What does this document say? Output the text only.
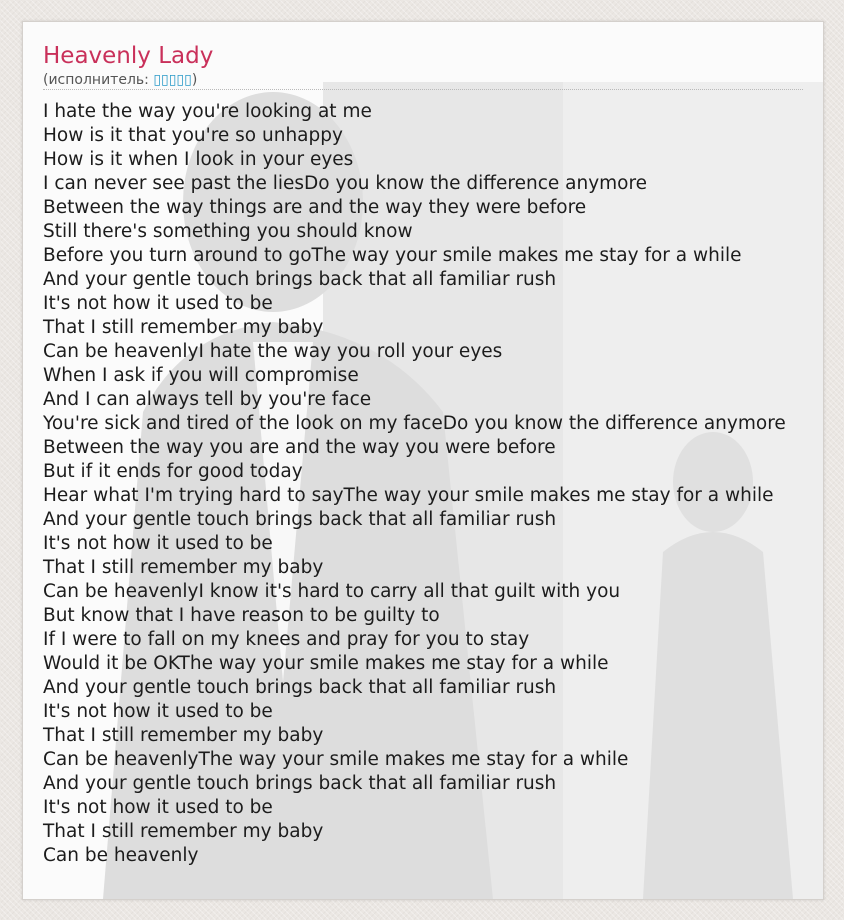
Heavenly Lady
(исполнитель: ▯▯▯▯▯)
I hate the way you're looking at me
How is it that you're so unhappy
How is it when I look in your eyes
I can never see past the liesDo you know the difference anymore
Between the way things are and the way they were before
Still there's something you should know
Before you turn around to goThe way your smile makes me stay for a while
And your gentle touch brings back that all familiar rush
It's not how it used to be
That I still remember my baby
Can be heavenlyI hate the way you roll your eyes
When I ask if you will compromise
And I can always tell by you're face
You're sick and tired of the look on my faceDo you know the difference anymore
Between the way you are and the way you were before
But if it ends for good today
Hear what I'm trying hard to sayThe way your smile makes me stay for a while
And your gentle touch brings back that all familiar rush
It's not how it used to be
That I still remember my baby
Can be heavenlyI know it's hard to carry all that guilt with you
But know that I have reason to be guilty to
If I were to fall on my knees and pray for you to stay
Would it be OKThe way your smile makes me stay for a while
And your gentle touch brings back that all familiar rush
It's not how it used to be
That I still remember my baby
Can be heavenlyThe way your smile makes me stay for a while
And your gentle touch brings back that all familiar rush
It's not how it used to be
That I still remember my baby
Can be heavenly
